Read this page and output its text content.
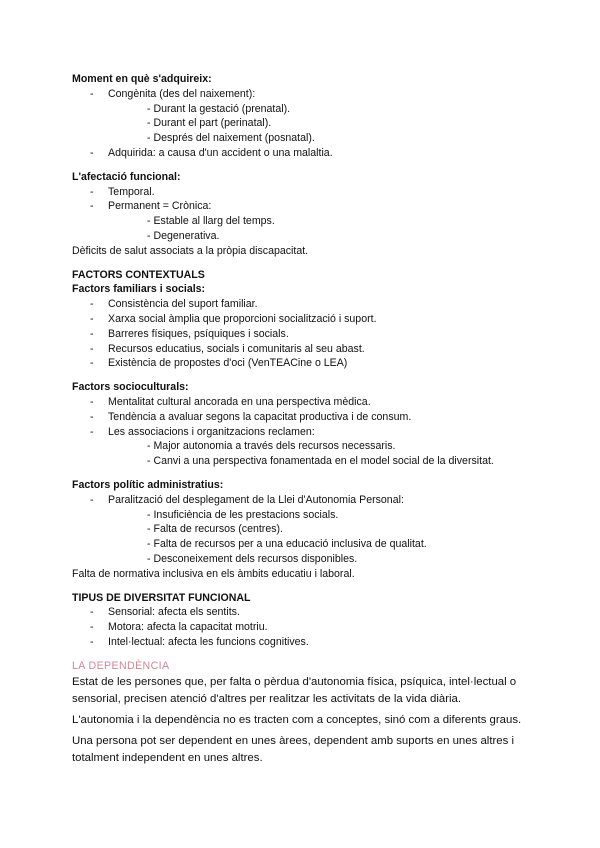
Moment en què s'adquireix:

- Congènita (des del naixement):
- Durant la gestació (prenatal).
- Durant el part (perinatal).
- Després del naixement (posnatal).
- Adquirida: a causa d'un accident o una malaltia.

L'afectació funcional:

- Temporal.
- Permanent = Crònica:
- Estable al llarg del temps.
- Degenerativa.

Dèficits de salut associats a la pròpia discapacitat.

FACTORS CONTEXTUALS

Factors familiars i socials:

- Consistència del suport familiar.
- Xarxa social àmplia que proporcioni socialització i suport.
- Barreres físiques, psíquiques i socials.
- Recursos educatius, socials i comunitaris al seu abast.
- Existència de propostes d'oci (VenTEACine o LEA)

Factors socioculturals:

- Mentalitat cultural ancorada en una perspectiva mèdica.
- Tendència a avaluar segons la capacitat productiva i de consum.
- Les associacions i organitzacions reclamen:
- Major autonomia a través dels recursos necessaris.
- Canvi a una perspectiva fonamentada en el model social de la diversitat.

Factors polític administratius:

- Paralització del desplegament de la Llei d'Autonomia Personal:
- Insuficiència de les prestacions socials.
- Falta de recursos (centres).
- Falta de recursos per a una educació inclusiva de qualitat.
- Desconeixement dels recursos disponibles.

Falta de normativa inclusiva en els àmbits educatiu i laboral.

TIPUS DE DIVERSITAT FUNCIONAL

- Sensorial: afecta els sentits.
- Motora: afecta la capacitat motriu.
- Intel·lectual: afecta les funcions cognitives.

LA DEPENDÈNCIA

Estat de les persones que, per falta o pèrdua d'autonomia física, psíquica, intel·lectual o

sensorial, precisen atenció d'altres per realitzar les activitats de la vida diària.

L'autonomia i la dependència no es tracten com a conceptes, sinó com a diferents graus.

Una persona pot ser dependent en unes àrees, dependent amb suports en unes altres i

totalment independent en unes altres.
